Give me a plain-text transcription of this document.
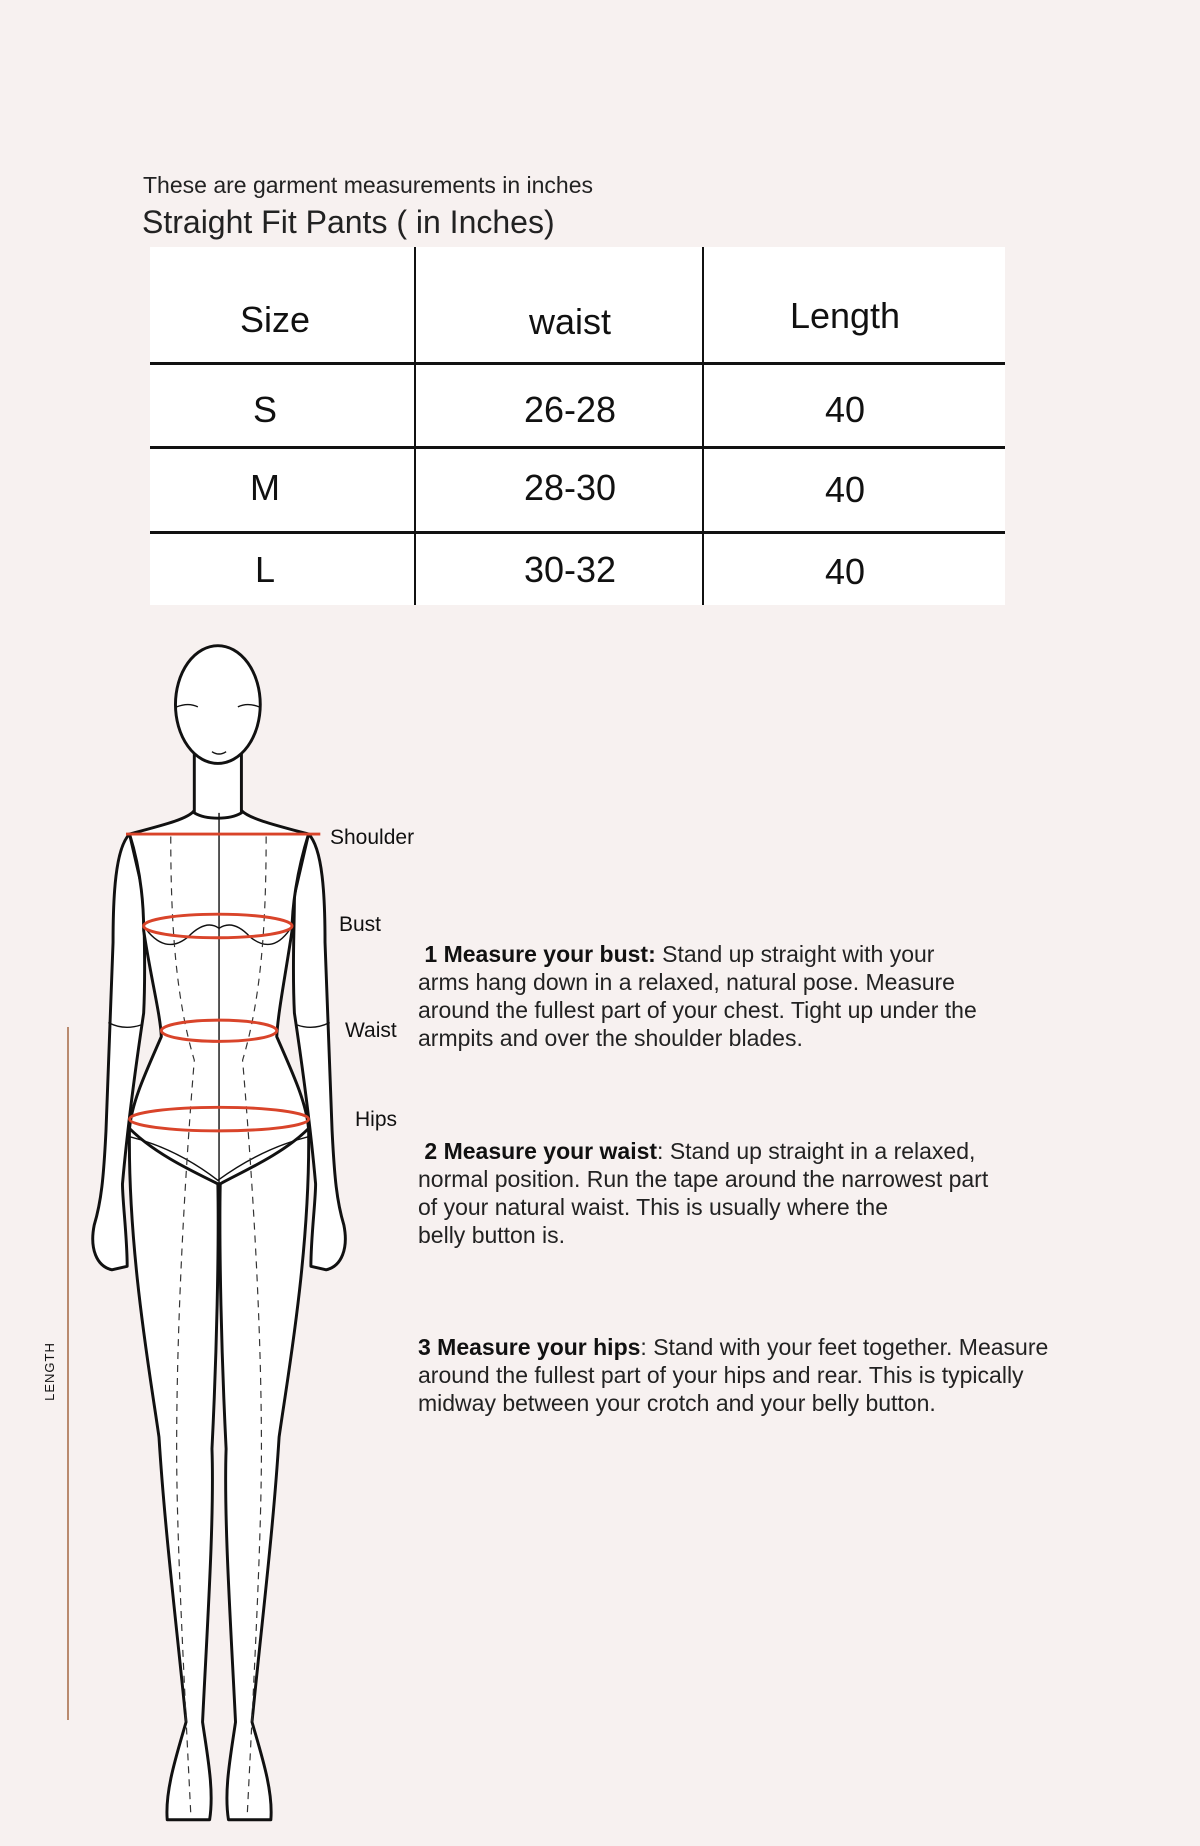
These are garment measurements in inches
Straight Fit Pants ( in Inches)
Size	waist	Length
S	26-28	40
M	28-30	40
L	30-32	40
Shoulder
Bust
Waist
Hips
LENGTH
1 Measure your bust: Stand up straight with your
arms hang down in a relaxed, natural pose. Measure
around the fullest part of your chest. Tight up under the
armpits and over the shoulder blades.
2 Measure your waist: Stand up straight in a relaxed,
normal position. Run the tape around the narrowest part
of your natural waist. This is usually where the
belly button is.
3 Measure your hips: Stand with your feet together. Measure
around the fullest part of your hips and rear. This is typically
midway between your crotch and your belly button.
